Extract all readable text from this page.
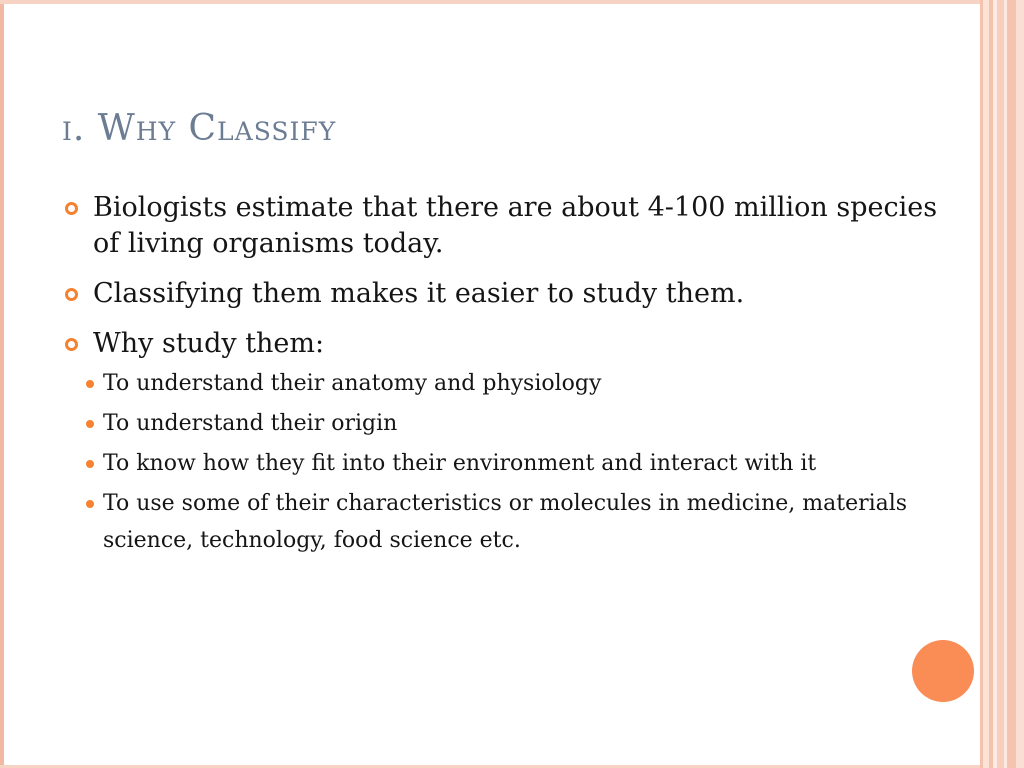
i. Why Classify
Biologists estimate that there are about 4-100 million species of living organisms today.
Classifying them makes it easier to study them.
Why study them:
To understand their anatomy and physiology
To understand their origin
To know how they fit into their environment and interact with it
To use some of their characteristics or molecules in medicine, materials science, technology, food science etc.
